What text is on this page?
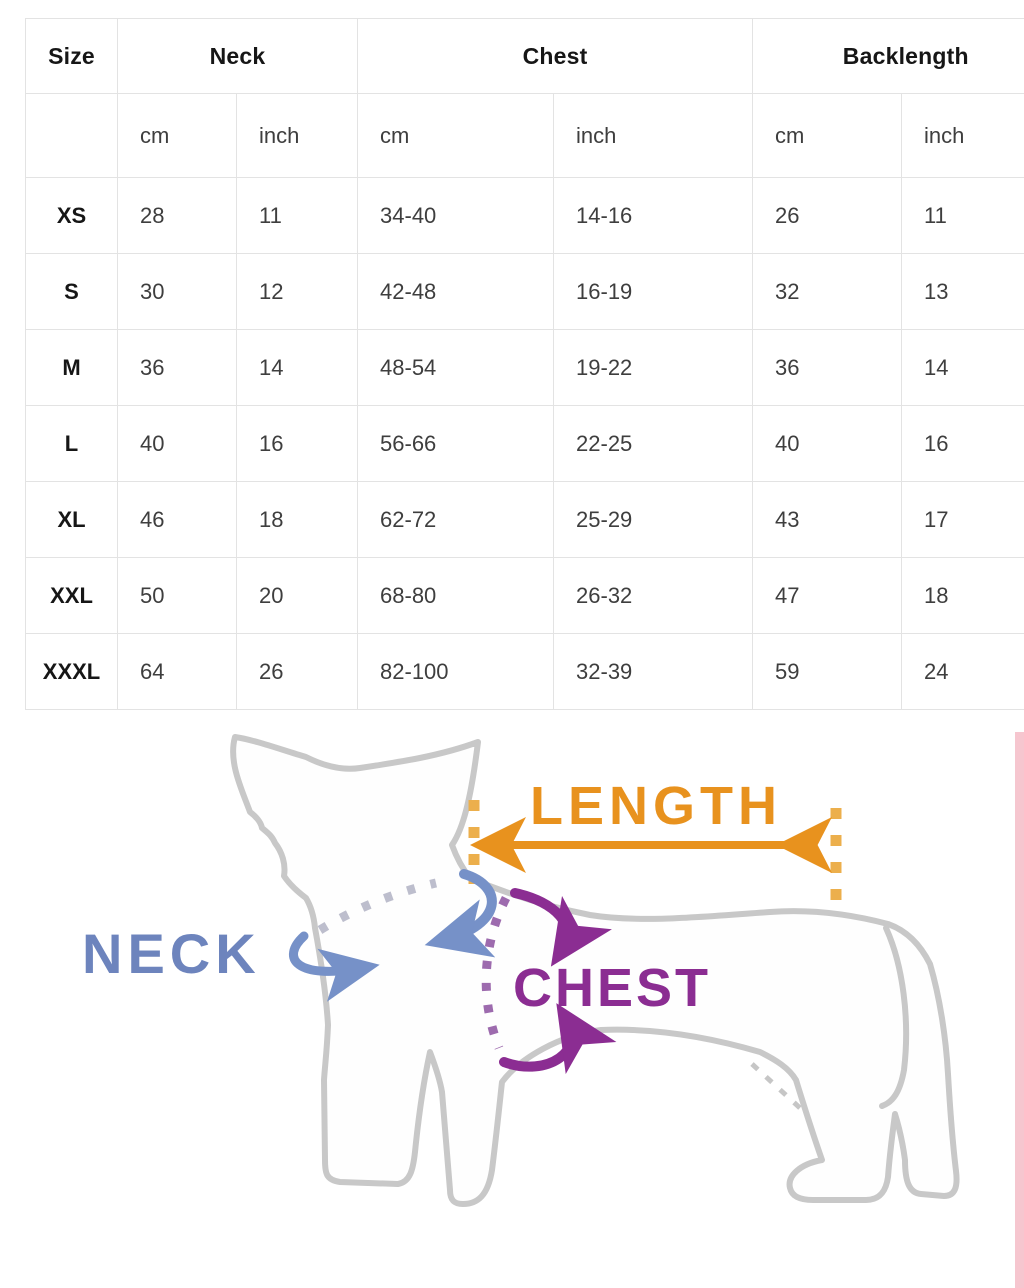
Size	Neck		Chest		Backlength	
	cm	inch	cm	inch	cm	inch
XS	28	11	34-40	14-16	26	11
S	30	12	42-48	16-19	32	13
M	36	14	48-54	19-22	36	14
L	40	16	56-66	22-25	40	16
XL	46	18	62-72	25-29	43	17
XXL	50	20	68-80	26-32	47	18
XXXL	64	26	82-100	32-39	59	24
LENGTH
NECK
CHEST
